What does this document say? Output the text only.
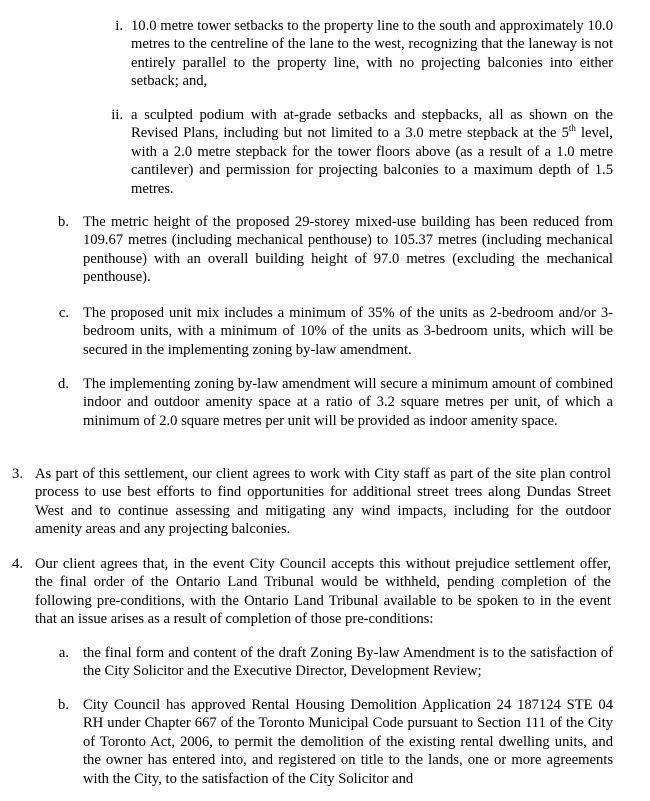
i. 10.0 metre tower setbacks to the property line to the south and approximately 10.0 metres to the centreline of the lane to the west, recognizing that the laneway is not entirely parallel to the property line, with no projecting balconies into either setback; and,
ii. a sculpted podium with at-grade setbacks and stepbacks, all as shown on the Revised Plans, including but not limited to a 3.0 metre stepback at the 5th level, with a 2.0 metre stepback for the tower floors above (as a result of a 1.0 metre cantilever) and permission for projecting balconies to a maximum depth of 1.5 metres.
b. The metric height of the proposed 29-storey mixed-use building has been reduced from 109.67 metres (including mechanical penthouse) to 105.37 metres (including mechanical penthouse) with an overall building height of 97.0 metres (excluding the mechanical penthouse).
c. The proposed unit mix includes a minimum of 35% of the units as 2-bedroom and/or 3-bedroom units, with a minimum of 10% of the units as 3-bedroom units, which will be secured in the implementing zoning by-law amendment.
d. The implementing zoning by-law amendment will secure a minimum amount of combined indoor and outdoor amenity space at a ratio of 3.2 square metres per unit, of which a minimum of 2.0 square metres per unit will be provided as indoor amenity space.
3. As part of this settlement, our client agrees to work with City staff as part of the site plan control process to use best efforts to find opportunities for additional street trees along Dundas Street West and to continue assessing and mitigating any wind impacts, including for the outdoor amenity areas and any projecting balconies.
4. Our client agrees that, in the event City Council accepts this without prejudice settlement offer, the final order of the Ontario Land Tribunal would be withheld, pending completion of the following pre-conditions, with the Ontario Land Tribunal available to be spoken to in the event that an issue arises as a result of completion of those pre-conditions:
a. the final form and content of the draft Zoning By-law Amendment is to the satisfaction of the City Solicitor and the Executive Director, Development Review;
b. City Council has approved Rental Housing Demolition Application 24 187124 STE 04 RH under Chapter 667 of the Toronto Municipal Code pursuant to Section 111 of the City of Toronto Act, 2006, to permit the demolition of the existing rental dwelling units, and the owner has entered into, and registered on title to the lands, one or more agreements with the City, to the satisfaction of the City Solicitor and
